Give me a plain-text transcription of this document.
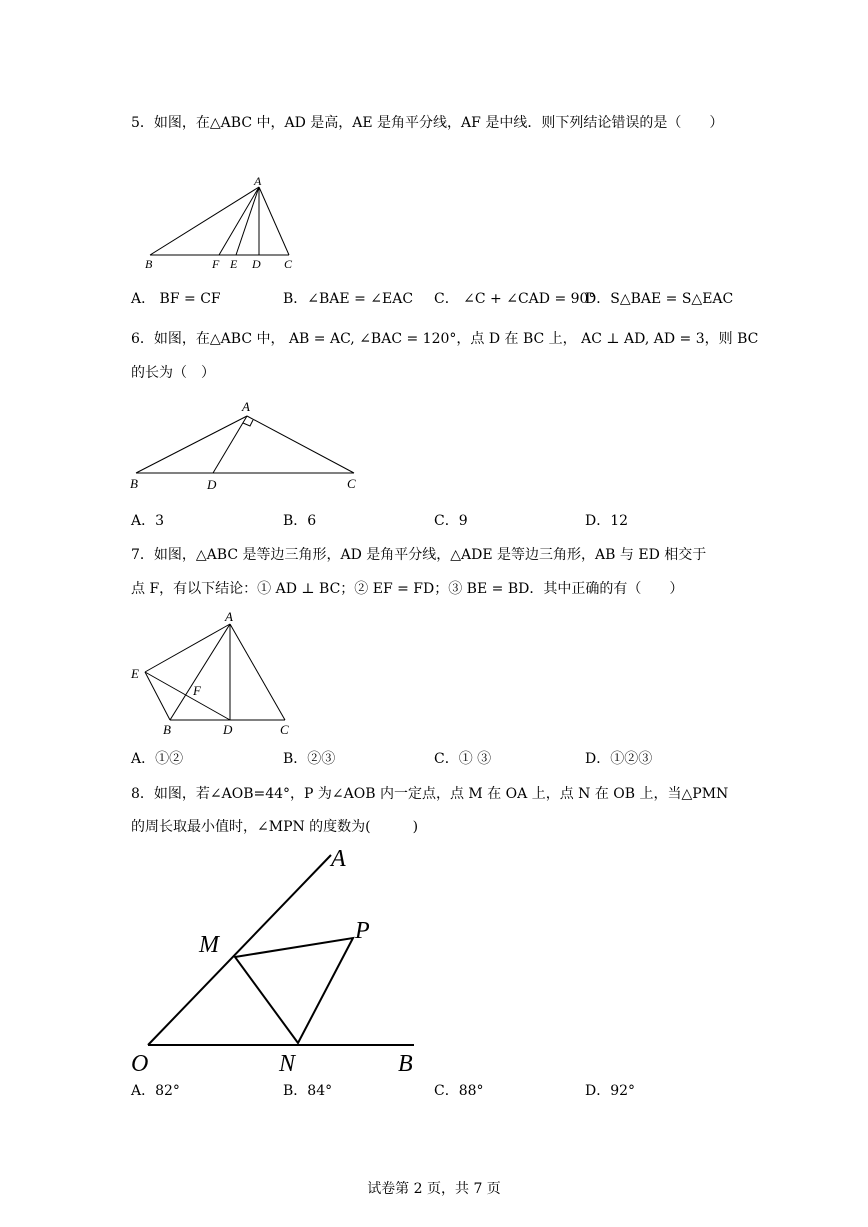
5．如图，在△ABC 中，AD 是高，AE 是角平分线，AF 是中线．则下列结论错误的是（　　）
A
B	F E D C
A． BF = CF	B．∠BAE = ∠EAC C． ∠C + ∠CAD = 90°
D．S△BAE = S△EAC
6．如图，在△ABC 中， AB = AC, ∠BAC = 120°，点 D 在 BC 上， AC ⊥ AD, AD = 3，则 BC
的长为（　）
A
B	D	C
A．3	B．6	C．9	D．12
7．如图，△ABC 是等边三角形，AD 是角平分线，△ADE 是等边三角形，AB 与 ED 相交于
点 F，有以下结论：① AD ⊥ BC；② EF = FD；③ BE = BD．其中正确的有（　　）
A
E
F
B	D	C
A．①②	B．②③	C．① ③	D．①②③
8．如图，若∠AOB=44°，P 为∠AOB 内一定点，点 M 在 OA 上，点 N 在 OB 上，当△PMN
的周长取最小值时，∠MPN 的度数为(　　　)
A
M
P
O	N	B
A．82°	B．84°	C．88°	D．92°
试卷第 2 页，共 7 页
